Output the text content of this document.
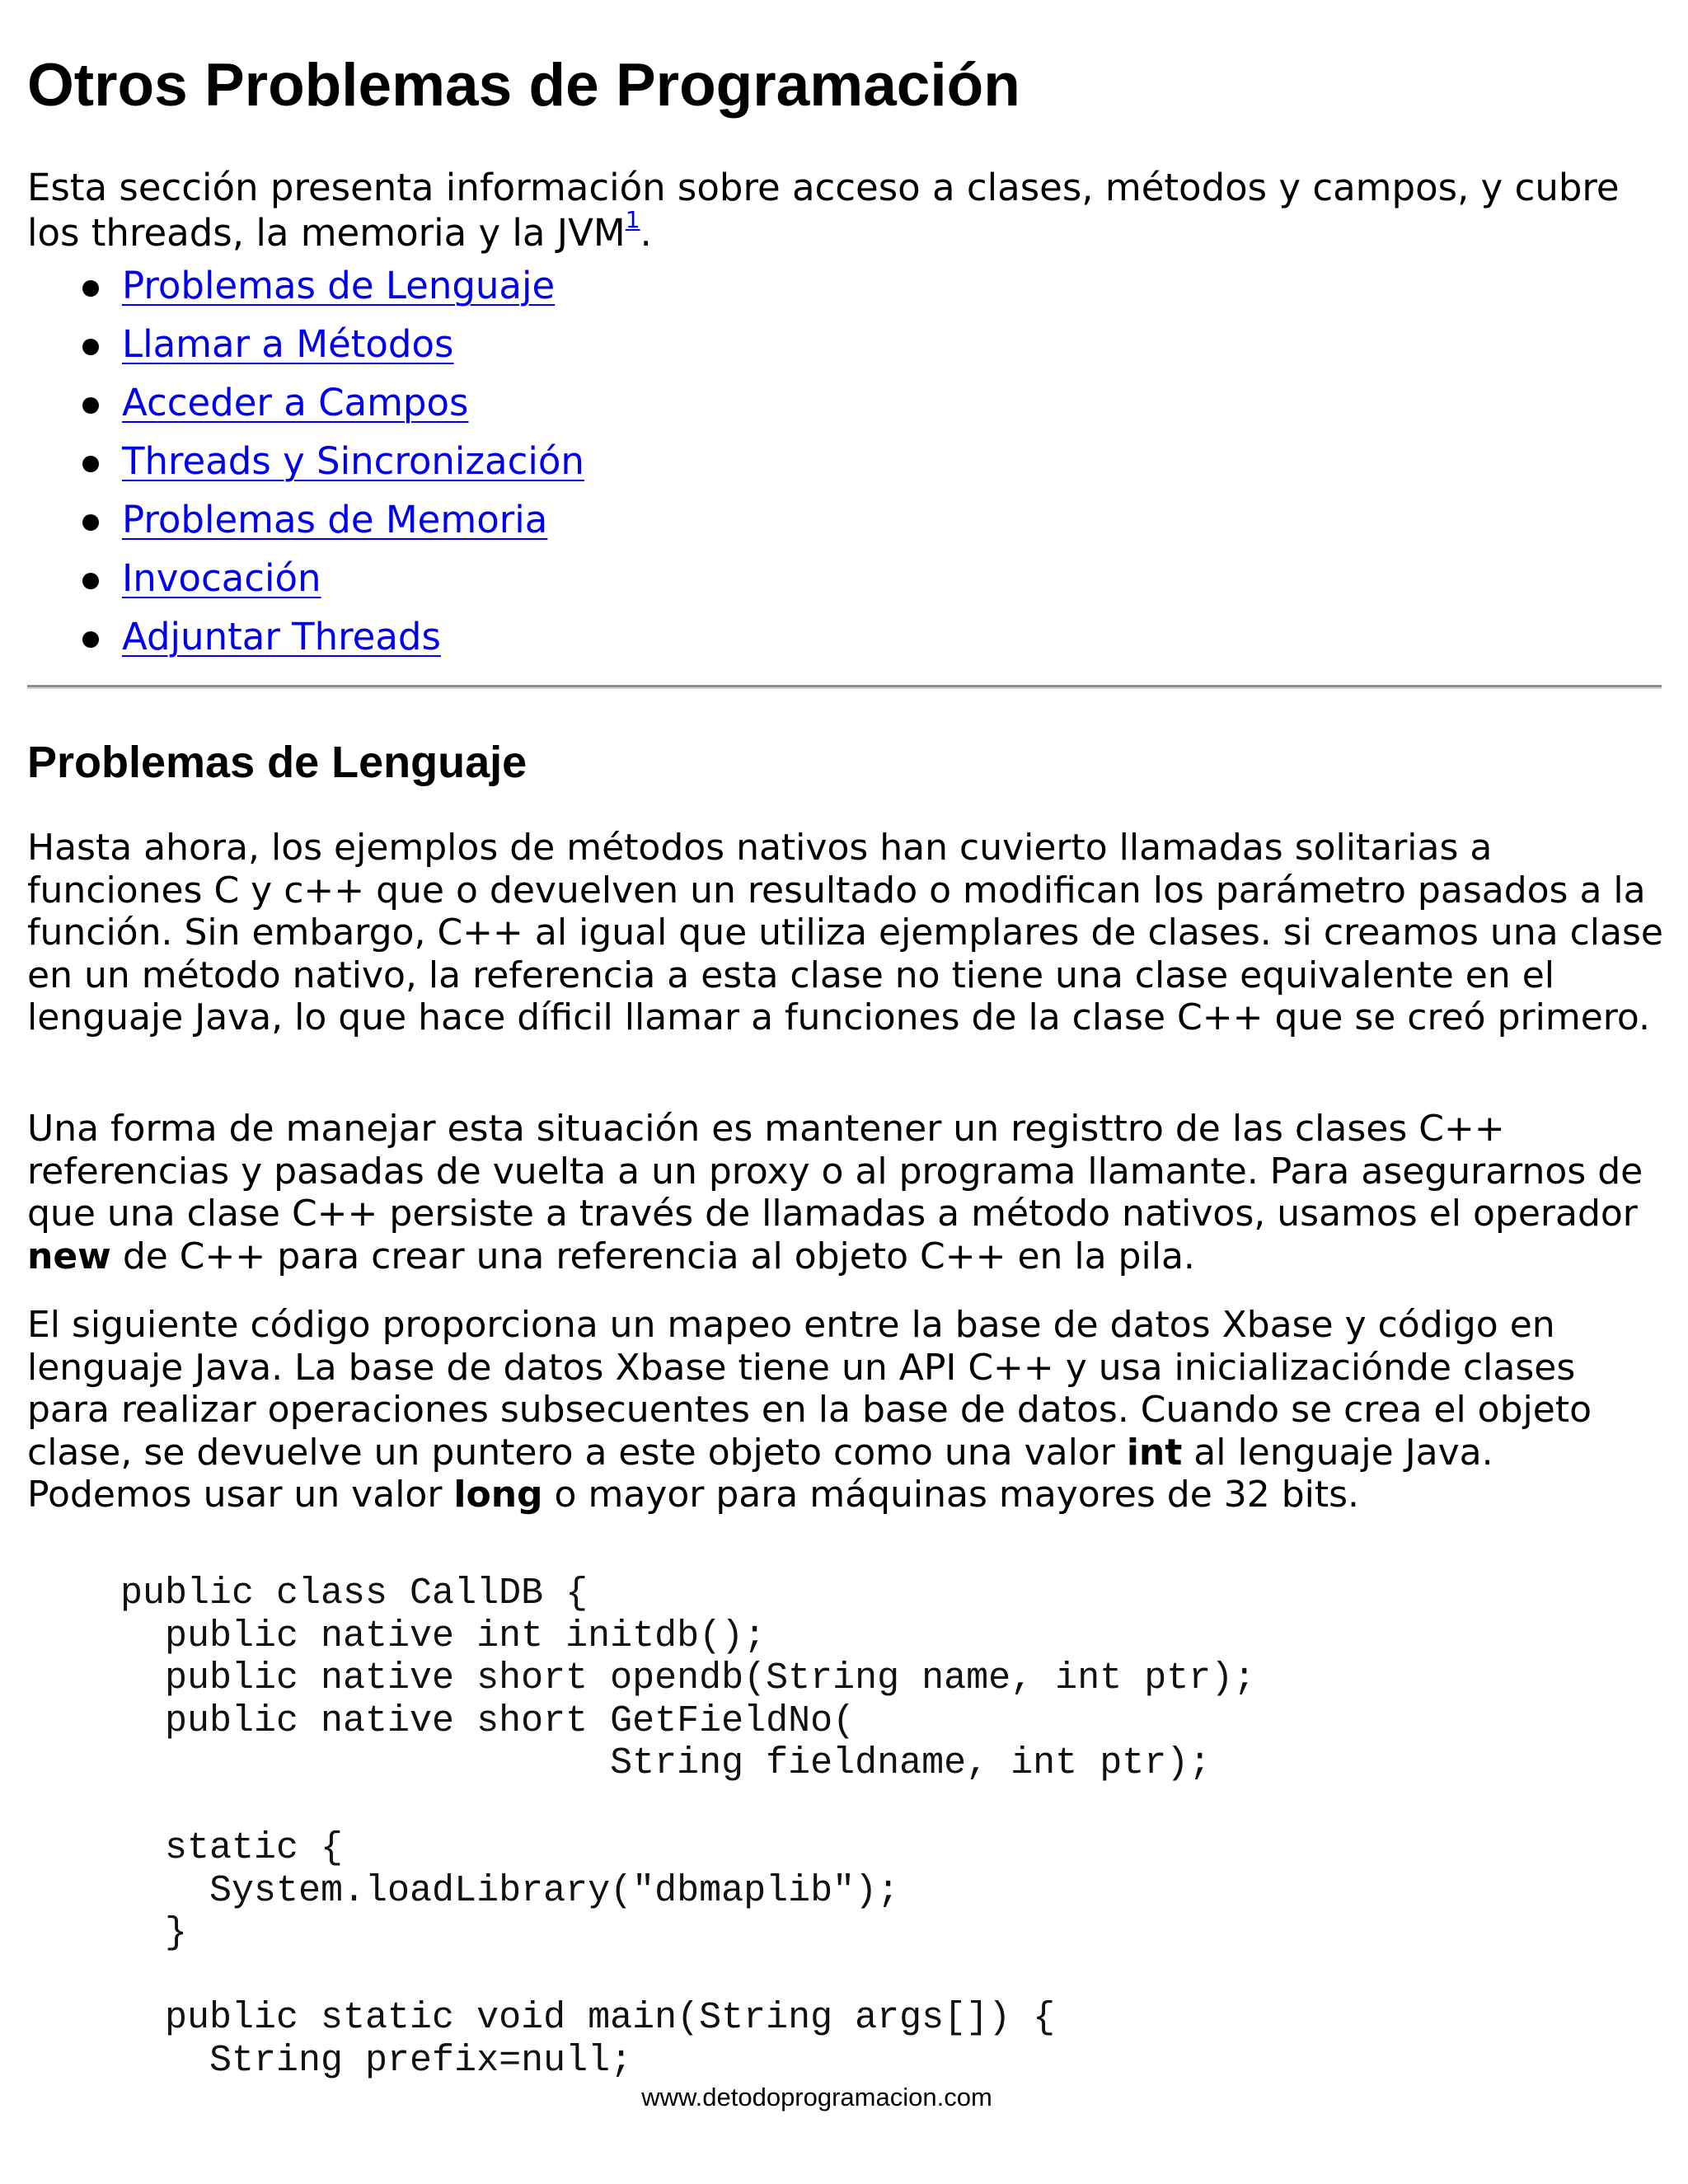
Otros Problemas de Programación

Esta sección presenta información sobre acceso a clases, métodos y campos, y cubre los threads, la memoria y la JVM$^1$.

Problemas de Lenguaje
Llamar a Métodos
Acceder a Campos
Threads y Sincronización
Problemas de Memoria
Invocación
Adjuntar Threads
Problemas de Lenguaje

Hasta ahora, los ejemplos de métodos nativos han cuvierto llamadas solitarias a funciones C y c++ que o devuelven un resultado o modifican los parámetro pasados a la función. Sin embargo, C++ al igual que utiliza ejemplares de clases. si creamos una clase en un método nativo, la referencia a esta clase no tiene una clase equivalente en el lenguaje Java, lo que hace díficil llamar a funciones de la clase C++ que se creó primero.

Una forma de manejar esta situación es mantener un registtro de las clases C++ referencias y pasadas de vuelta a un proxy o al programa llamante. Para asegurarnos de que una clase C++ persiste a través de llamadas a método nativos, usamos el operador new de C++ para crear una referencia al objeto C++ en la pila.

El siguiente código proporciona un mapeo entre la base de datos Xbase y código en lenguaje Java. La base de datos Xbase tiene un API C++ y usa inicializaciónde clases para realizar operaciones subsecuentes en la base de datos. Cuando se crea el objeto clase, se devuelve un puntero a este objeto como una valor int al lenguaje Java. Podemos usar un valor long o mayor para máquinas mayores de 32 bits.

public class CallDB {
public native int initdb();
public native short opendb(String name, int ptr);
public native short GetFieldNo(
String fieldname, int ptr);

static {
System.loadLibrary("dbmaplib");
}

public static void main(String args[]) {
String prefix=null;
www.detodoprogramacion.com
